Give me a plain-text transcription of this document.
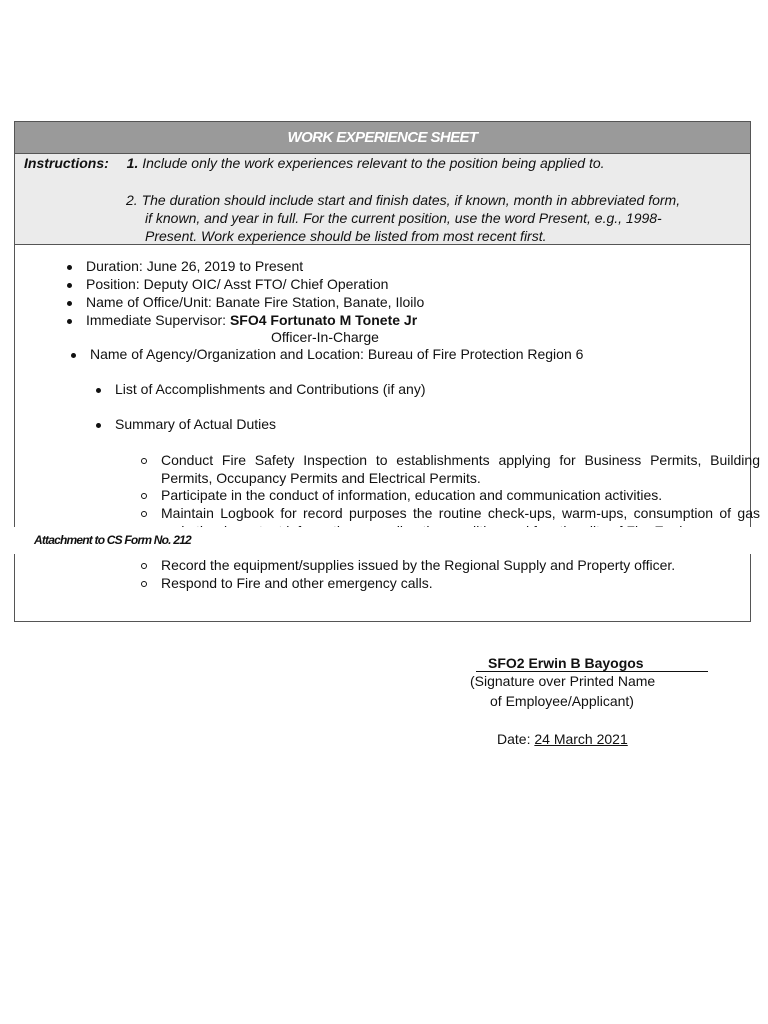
WORK EXPERIENCE SHEET
Instructions: 1. Include only the work experiences relevant to the position being applied to.
2. The duration should include start and finish dates, if known, month in abbreviated form,
if known, and year in full. For the current position, use the word Present, e.g., 1998-
Present. Work experience should be listed from most recent first.
Duration: June 26, 2019 to Present
Position: Deputy OIC/ Asst FTO/ Chief Operation
Name of Office/Unit: Banate Fire Station, Banate, Iloilo
Immediate Supervisor: SFO4 Fortunato M Tonete Jr
Officer-In-Charge
Name of Agency/Organization and Location: Bureau of Fire Protection Region 6
List of Accomplishments and Contributions (if any)
Summary of Actual Duties
Conduct Fire Safety Inspection to establishments applying for Business Permits, Building Permits, Occupancy Permits and Electrical Permits.
Participate in the conduct of information, education and communication activities.
Maintain Logbook for record purposes the routine check-ups, warm-ups, consumption of gas
Attachment to CS Form No. 212
Record the equipment/supplies issued by the Regional Supply and Property officer.
Respond to Fire and other emergency calls.
SFO2 Erwin B Bayogos
(Signature over Printed Name
of Employee/Applicant)
Date: 24 March 2021
